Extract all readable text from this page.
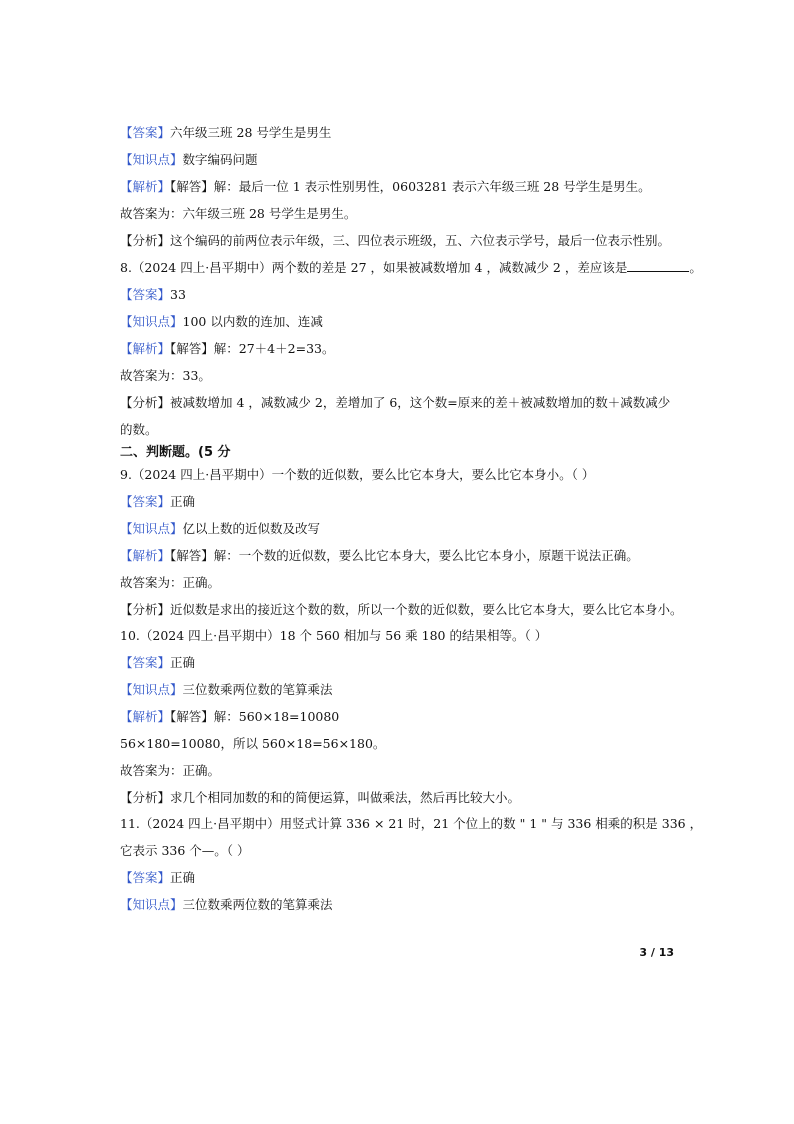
【答案】六年级三班 28 号学生是男生
【知识点】数字编码问题
【解析】【解答】解：最后一位 1 表示性别男性，0603281 表示六年级三班 28 号学生是男生。
故答案为：六年级三班 28 号学生是男生。
【分析】这个编码的前两位表示年级，三、四位表示班级，五、六位表示学号，最后一位表示性别。
8.（2024 四上·昌平期中）两个数的差是 27 ，如果被减数增加 4 ，减数减少 2 ，差应该是	。
【答案】33
【知识点】100 以内数的连加、连减
【解析】【解答】解：27＋4＋2=33。
故答案为：33。
【分析】被减数增加 4 ，减数减少 2，差增加了 6，这个数=原来的差＋被减数增加的数＋减数减少
的数。
二、判断题。(5 分
9.（2024 四上·昌平期中）一个数的近似数，要么比它本身大，要么比它本身小。（ ）
【答案】正确
【知识点】亿以上数的近似数及改写
【解析】【解答】解：一个数的近似数，要么比它本身大，要么比它本身小，原题干说法正确。
故答案为：正确。
【分析】近似数是求出的接近这个数的数，所以一个数的近似数，要么比它本身大，要么比它本身小。
10.（2024 四上·昌平期中）18 个 560 相加与 56 乘 180 的结果相等。（ ）
【答案】正确
【知识点】三位数乘两位数的笔算乘法
【解析】【解答】解：560×18=10080
56×180=10080，所以 560×18=56×180。
故答案为：正确。
【分析】求几个相同加数的和的简便运算，叫做乘法，然后再比较大小。
11.（2024 四上·昌平期中）用竖式计算 336 × 21 时，21 个位上的数 " 1 " 与 336 相乘的积是 336 ，
它表示 336 个—。（ ）
【答案】正确
【知识点】三位数乘两位数的笔算乘法
3 / 13
